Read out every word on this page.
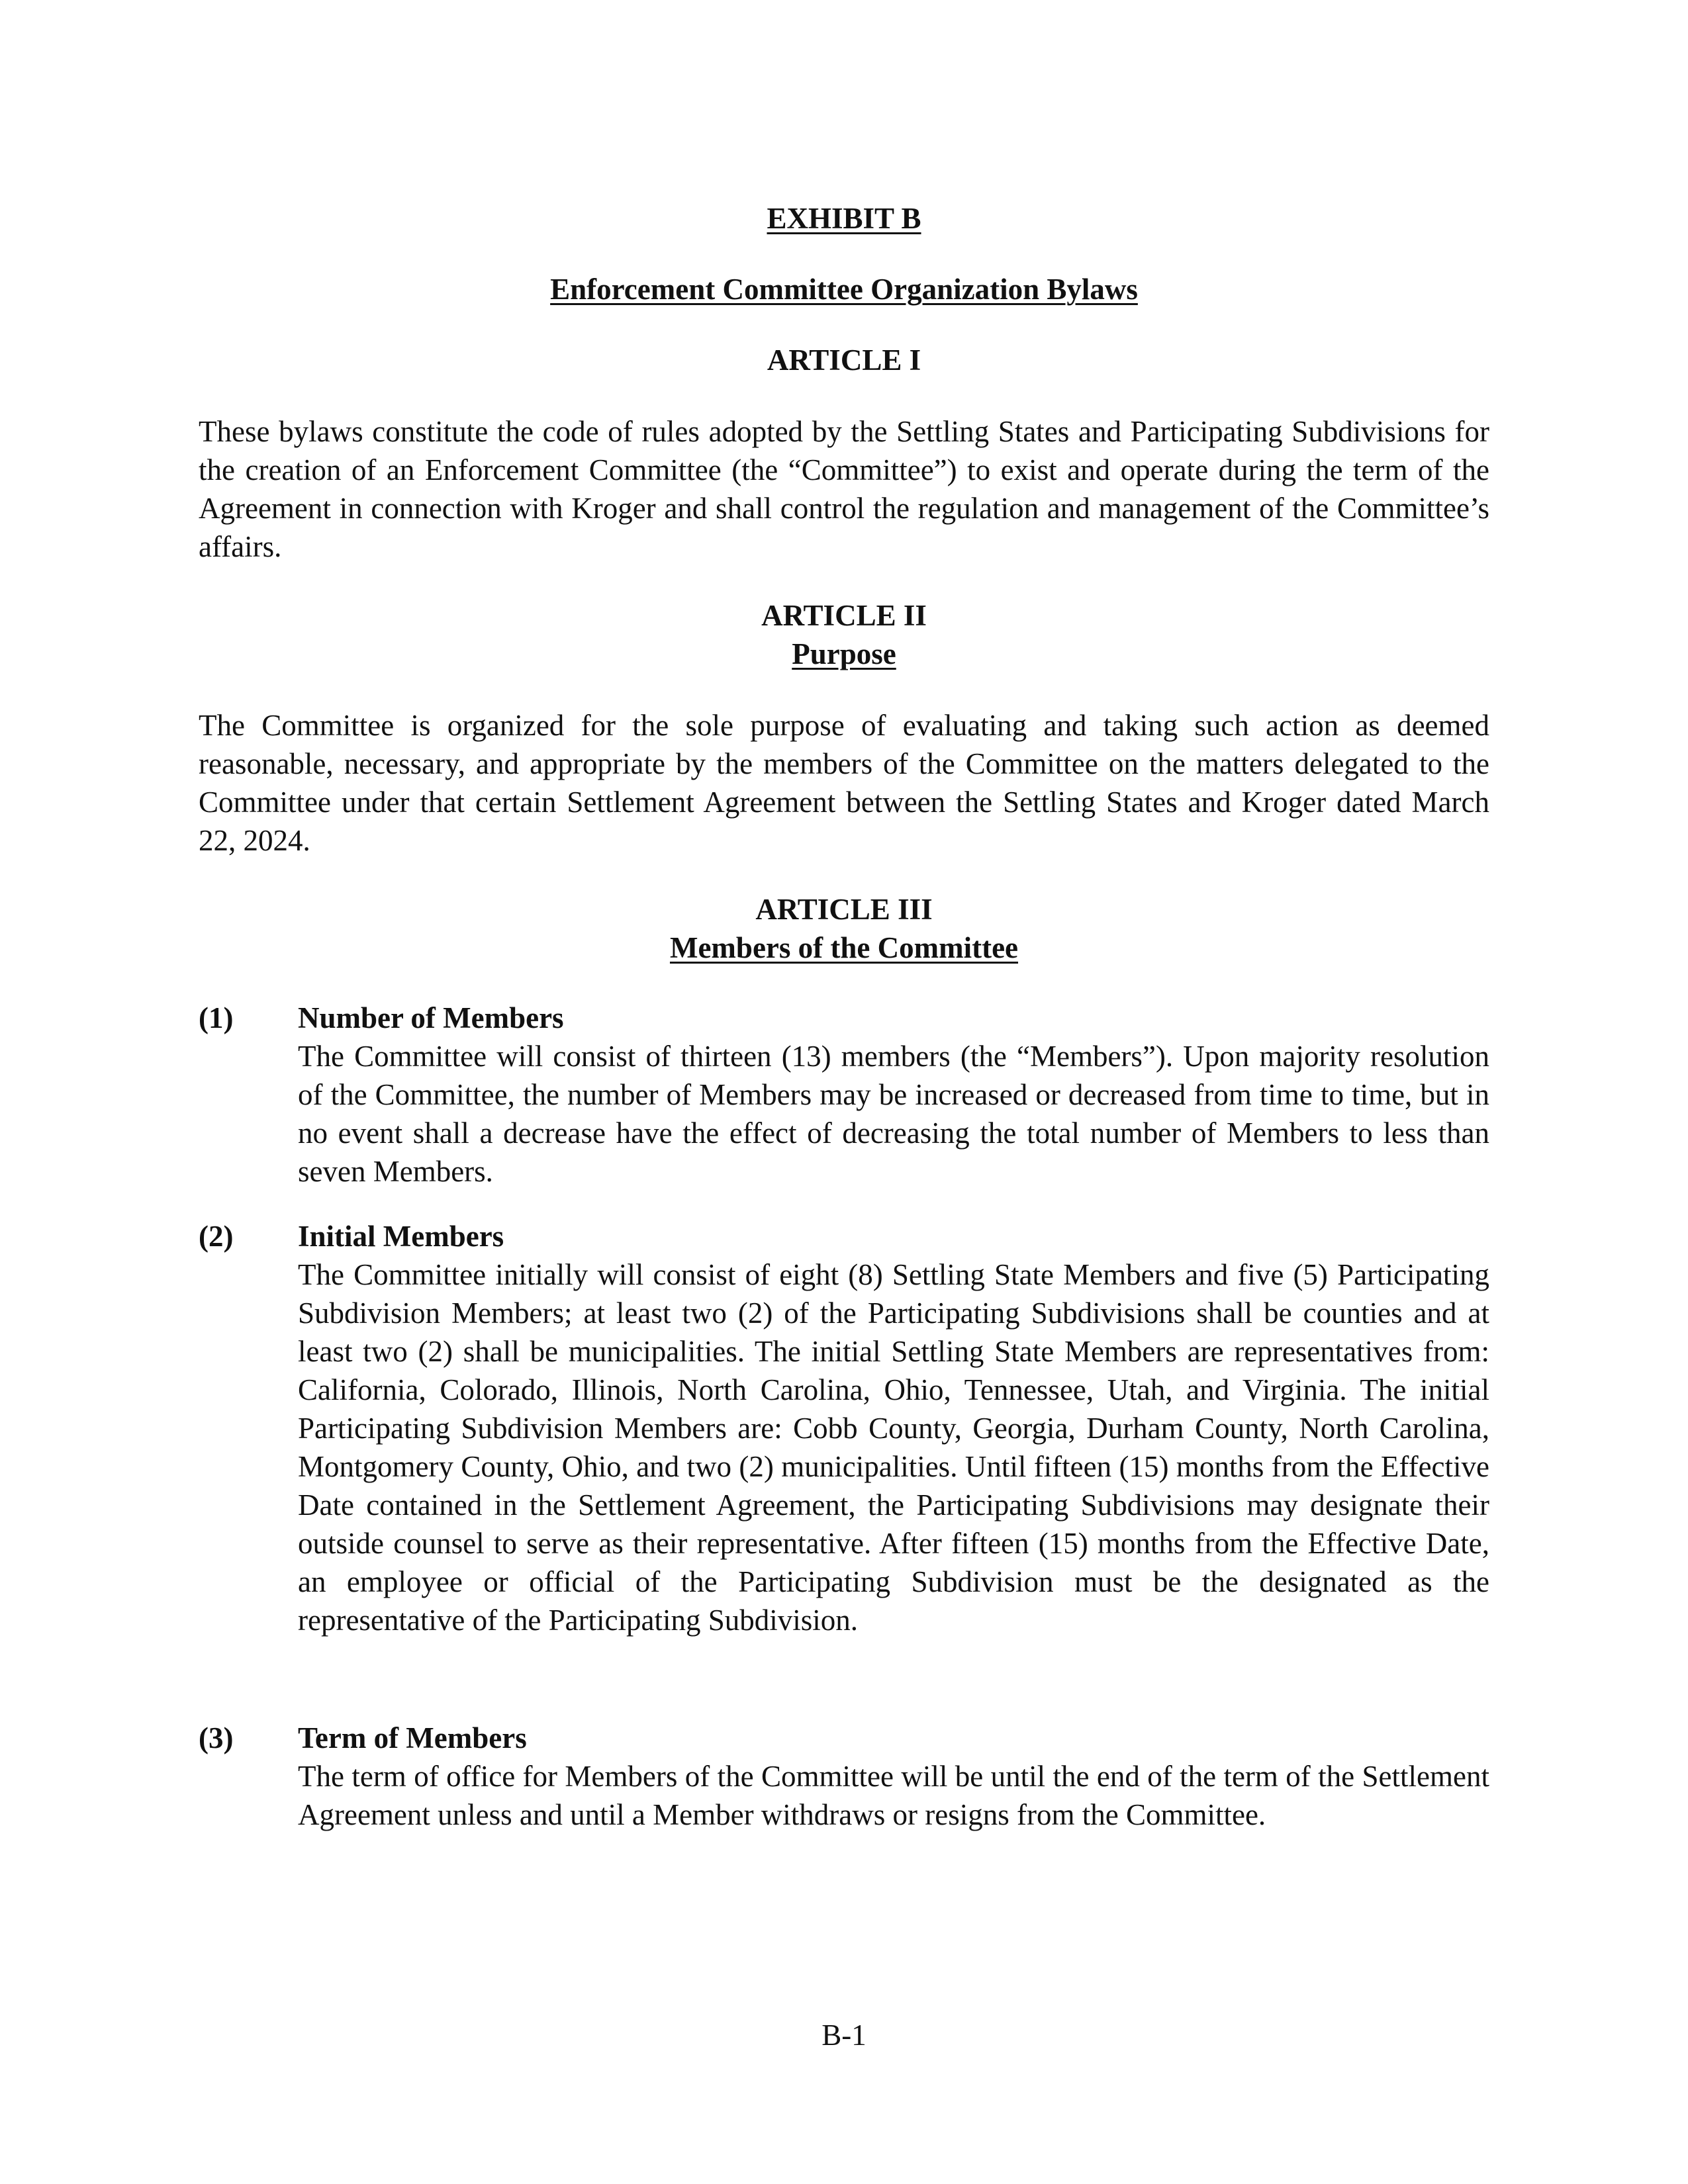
EXHIBIT B
Enforcement Committee Organization Bylaws
ARTICLE I
These bylaws constitute the code of rules adopted by the Settling States and Participating Subdivisions for the creation of an Enforcement Committee (the “Committee”) to exist and operate during the term of the Agreement in connection with Kroger and shall control the regulation and management of the Committee’s affairs.
ARTICLE II
Purpose
The Committee is organized for the sole purpose of evaluating and taking such action as deemed reasonable, necessary, and appropriate by the members of the Committee on the matters delegated to the Committee under that certain Settlement Agreement between the Settling States and Kroger dated March 22, 2024.
ARTICLE III
Members of the Committee
(1) Number of Members
The Committee will consist of thirteen (13) members (the “Members”). Upon majority resolution of the Committee, the number of Members may be increased or decreased from time to time, but in no event shall a decrease have the effect of decreasing the total number of Members to less than seven Members.
(2) Initial Members
The Committee initially will consist of eight (8) Settling State Members and five (5) Participating Subdivision Members; at least two (2) of the Participating Subdivisions shall be counties and at least two (2) shall be municipalities. The initial Settling State Members are representatives from: California, Colorado, Illinois, North Carolina, Ohio, Tennessee, Utah, and Virginia. The initial Participating Subdivision Members are: Cobb County, Georgia, Durham County, North Carolina, Montgomery County, Ohio, and two (2) municipalities. Until fifteen (15) months from the Effective Date contained in the Settlement Agreement, the Participating Subdivisions may designate their outside counsel to serve as their representative. After fifteen (15) months from the Effective Date, an employee or official of the Participating Subdivision must be the designated as the representative of the Participating Subdivision.
(3) Term of Members
The term of office for Members of the Committee will be until the end of the term of the Settlement Agreement unless and until a Member withdraws or resigns from the Committee.
B-1
